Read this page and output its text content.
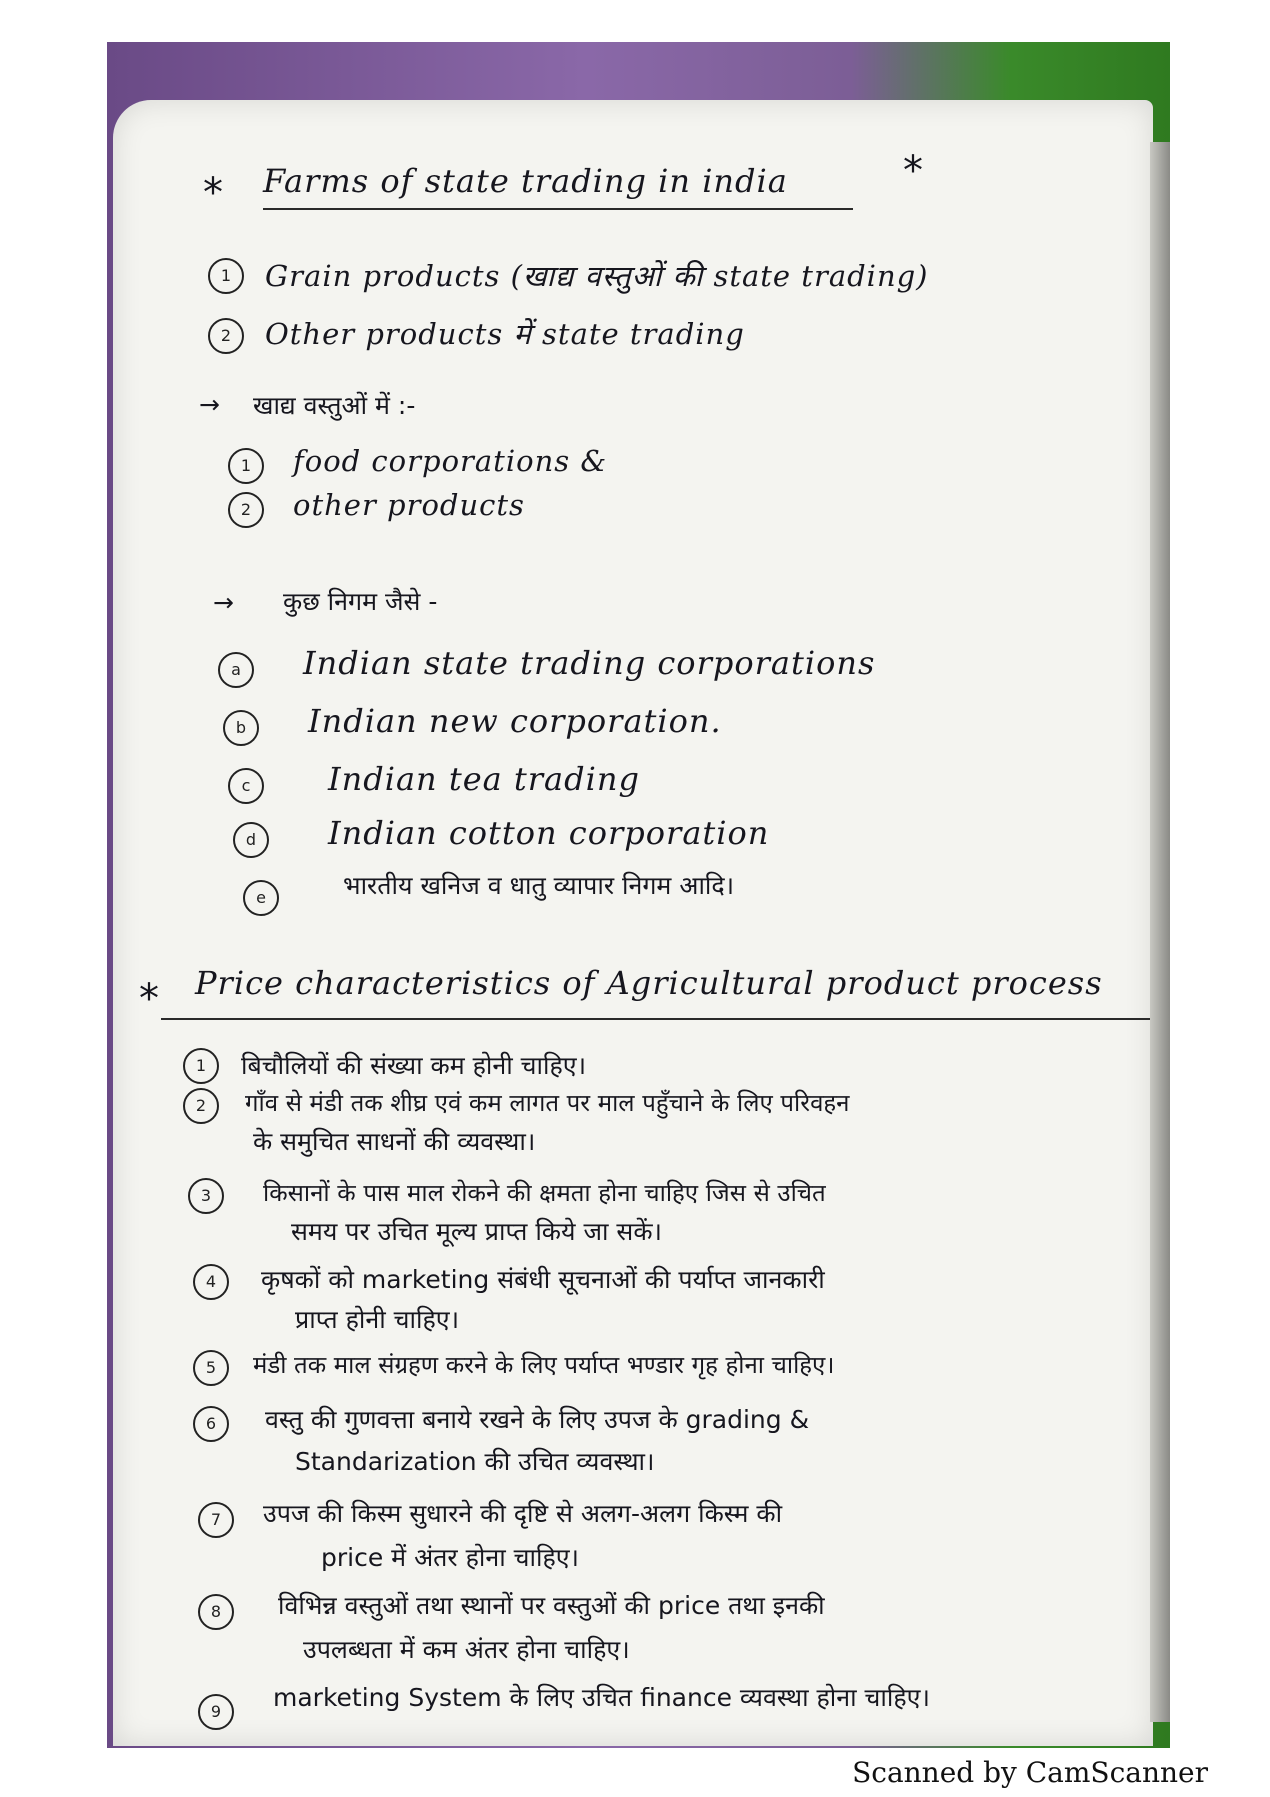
* Farms of state trading in india	*
1	Grain products (खाद्य वस्तुओं की state trading)
2	Other products में state trading
→ खाद्य वस्तुओं में :-
1	food corporations &
2	other products
→ कुछ निगम जैसे -
a	Indian state trading corporations
b	Indian new corporation.
c	Indian tea trading
d	Indian cotton corporation
e	भारतीय खनिज व धातु व्यापार निगम आदि।
* Price characteristics of Agricultural product process
1	बिचौलियों की संख्या कम होनी चाहिए।
2	गाँव से मंडी तक शीघ्र एवं कम लागत पर माल पहुँचाने के लिए परिवहन
के समुचित साधनों की व्यवस्था।
3	किसानों के पास माल रोकने की क्षमता होना चाहिए जिस से उचित
समय पर उचित मूल्य प्राप्त किये जा सकें।
4	कृषकों को marketing संबंधी सूचनाओं की पर्याप्त जानकारी
प्राप्त होनी चाहिए।
5	मंडी तक माल संग्रहण करने के लिए पर्याप्त भण्डार गृह होना चाहिए।
6	वस्तु की गुणवत्ता बनाये रखने के लिए उपज के grading &
Standarization की उचित व्यवस्था।
7	उपज की किस्म सुधारने की दृष्टि से अलग-अलग किस्म की
price में अंतर होना चाहिए।
8	विभिन्न वस्तुओं तथा स्थानों पर वस्तुओं की price तथा इनकी
उपलब्धता में कम अंतर होना चाहिए।
9	marketing System के लिए उचित finance व्यवस्था होना चाहिए।
Scanned by CamScanner
